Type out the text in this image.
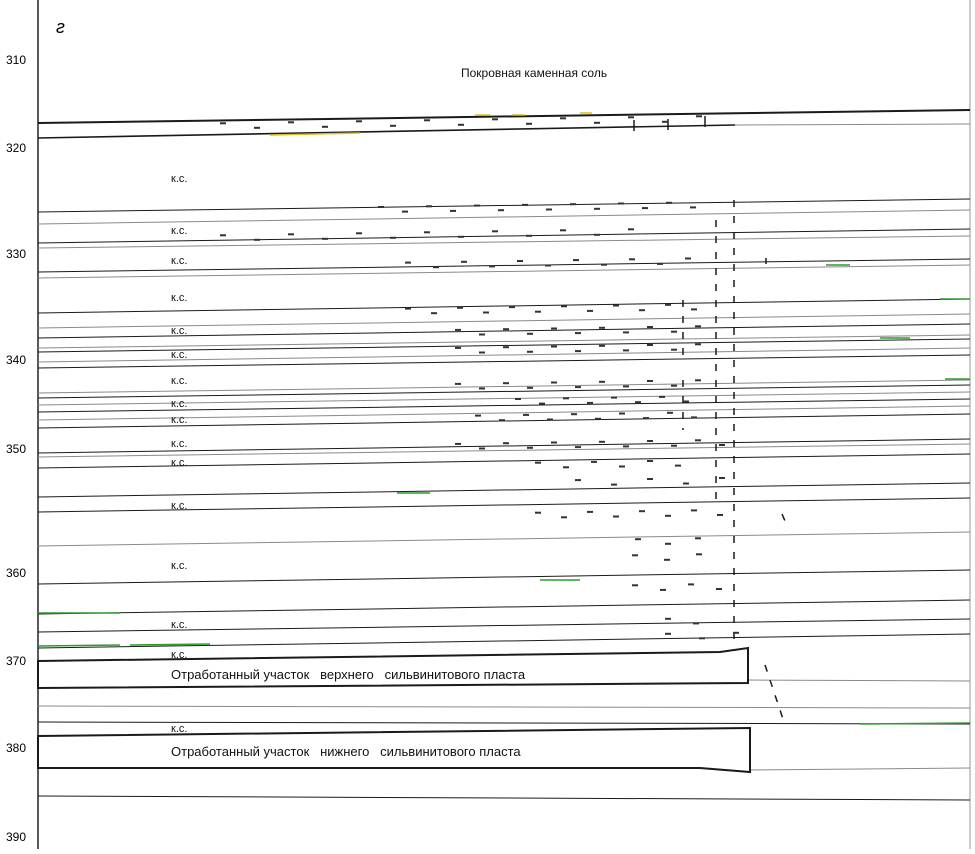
г
310
320
330
340
350
360
370
380
390
Покровная каменная соль
к.с.
к.с.
к.с.
к.с.
к.с.
к.с.
к.с.
к.с.
к.с.
к.с.
к.с.
к.с.
к.с.
к.с.
к.с.
к.с.
Отработанный участок   верхнего   сильвинитового пласта
Отработанный участок   нижнего   сильвинитового пласта
